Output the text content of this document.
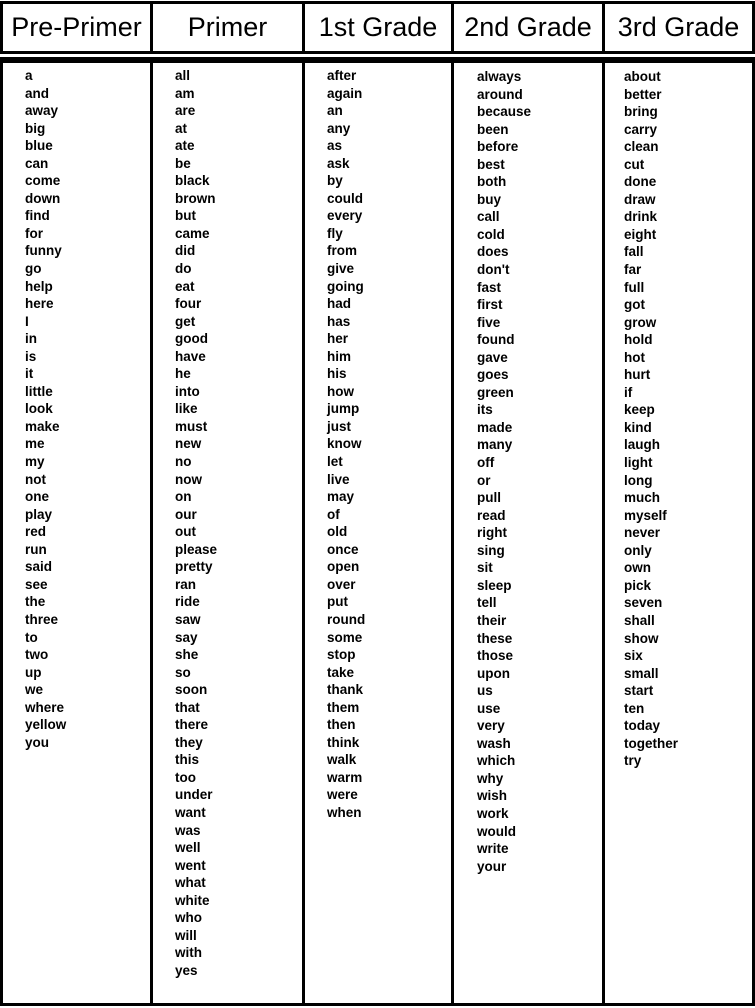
Pre-Primer	Primer	1st Grade 2nd Grade 3rd Grade
a
and
away
big
blue
can
come
down
find
for
funny
go
help
here
I
in
is
it
little
look
make
me
my
not
one
play
red
run
said
see
the
three
to
two
up
we
where
yellow
you
all
am
are
at
ate
be
black
brown
but
came
did
do
eat
four
get
good
have
he
into
like
must
new
no
now
on
our
out
please
pretty
ran
ride
saw
say
she
so
soon
that
there
they
this
too
under
want
was
well
went
what
white
who
will
with
yes
after
again
an
any
as
ask
by
could
every
fly
from
give
going
had
has
her
him
his
how
jump
just
know
let
live
may
of
old
once
open
over
put
round
some
stop
take
thank
them
then
think
walk
warm
were
when
always
around
because
been
before
best
both
buy
call
cold
does
don't
fast
first
five
found
gave
goes
green
its
made
many
off
or
pull
read
right
sing
sit
sleep
tell
their
these
those
upon
us
use
very
wash
which
why
wish
work
would
write
your
about
better
bring
carry
clean
cut
done
draw
drink
eight
fall
far
full
got
grow
hold
hot
hurt
if
keep
kind
laugh
light
long
much
myself
never
only
own
pick
seven
shall
show
six
small
start
ten
today
together
try
